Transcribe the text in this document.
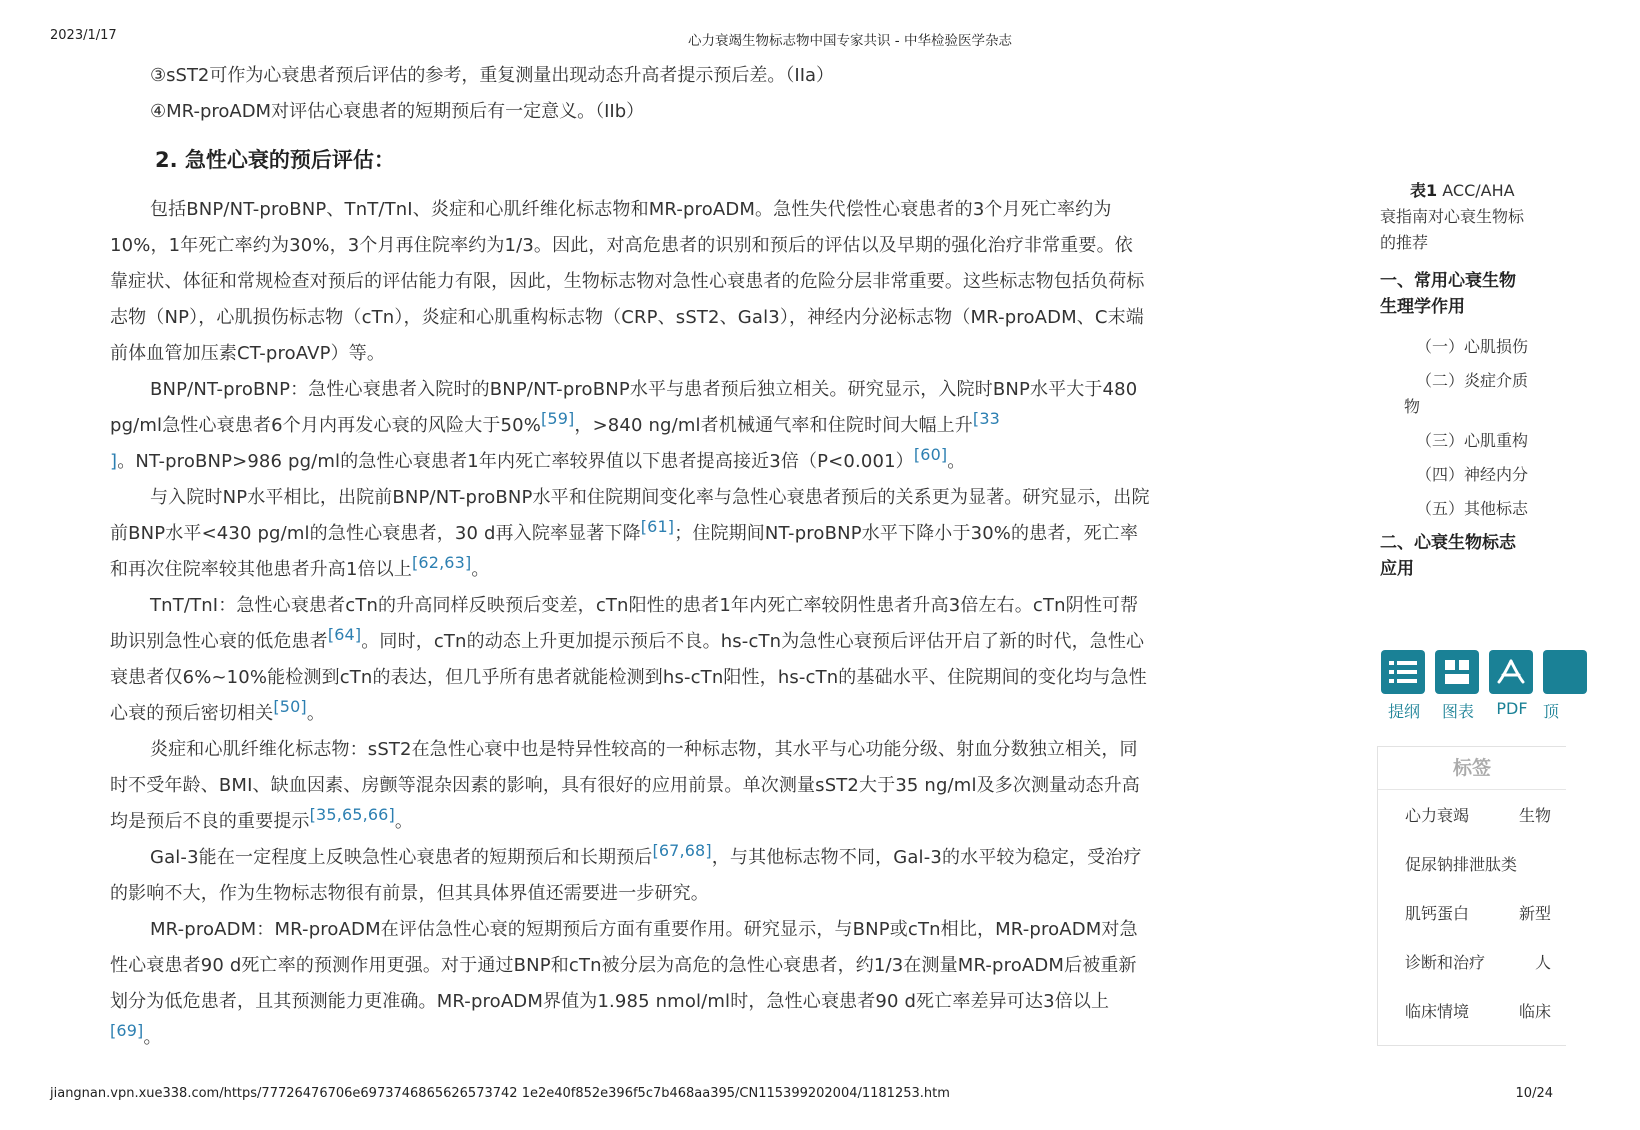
2023/1/17	心力衰竭生物标志物中国专家共识 - 中华检验医学杂志

③sST2可作为心衰患者预后评估的参考，重复测量出现动态升高者提示预后差。（IIa）

④MR-proADM对评估心衰患者的短期预后有一定意义。（IIb）

2. 急性心衰的预后评估：

包括BNP/NT-proBNP、TnT/TnI、炎症和心肌纤维化标志物和MR-proADM。急性失代偿性心衰患者的3个月死亡率约为10%，1年死亡率约为30%，3个月再住院率约为1/3。因此，对高危患者的识别和预后的评估以及早期的强化治疗非常重要。依靠症状、体征和常规检查对预后的评估能力有限，因此，生物标志物对急性心衰患者的危险分层非常重要。这些标志物包括负荷标志物（NP），心肌损伤标志物（cTn），炎症和心肌重构标志物（CRP、sST2、Gal3），神经内分泌标志物（MR-proADM、C末端前体血管加压素CT-proAVP）等。

BNP/NT-proBNP：急性心衰患者入院时的BNP/NT-proBNP水平与患者预后独立相关。研究显示，入院时BNP水平大于480 pg/ml急性心衰患者6个月内再发心衰的风险大于50%[59]，>840 ng/ml者机械通气率和住院时间大幅上升[33
]。NT-proBNP>986 pg/ml的急性心衰患者1年内死亡率较界值以下患者提高接近3倍（P<0.001）[60]。

与入院时NP水平相比，出院前BNP/NT-proBNP水平和住院期间变化率与急性心衰患者预后的关系更为显著。研究显示，出院前BNP水平<430 pg/ml的急性心衰患者，30 d再入院率显著下降[61]；住院期间NT-proBNP水平下降小于30%的患者，死亡率和再次住院率较其他患者升高1倍以上[62,63]。

TnT/TnI：急性心衰患者cTn的升高同样反映预后变差，cTn阳性的患者1年内死亡率较阴性患者升高3倍左右。cTn阴性可帮助识别急性心衰的低危患者[64]。同时，cTn的动态上升更加提示预后不良。hs-cTn为急性心衰预后评估开启了新的时代，急性心衰患者仅6%~10%能检测到cTn的表达，但几乎所有患者就能检测到hs-cTn阳性，hs-cTn的基础水平、住院期间的变化均与急性心衰的预后密切相关[50]。

炎症和心肌纤维化标志物：sST2在急性心衰中也是特异性较高的一种标志物，其水平与心功能分级、射血分数独立相关，同时不受年龄、BMI、缺血因素、房颤等混杂因素的影响，具有很好的应用前景。单次测量sST2大于35 ng/ml及多次测量动态升高均是预后不良的重要提示[35,65,66]。

Gal-3能在一定程度上反映急性心衰患者的短期预后和长期预后[67,68]，与其他标志物不同，Gal-3的水平较为稳定，受治疗的影响不大，作为生物标志物很有前景，但其具体界值还需要进一步研究。

MR-proADM：MR-proADM在评估急性心衰的短期预后方面有重要作用。研究显示，与BNP或cTn相比，MR-proADM对急性心衰患者90 d死亡率的预测作用更强。对于通过BNP和cTn被分层为高危的急性心衰患者，约1/3在测量MR-proADM后被重新划分为低危患者，且其预测能力更准确。MR-proADM界值为1.985 nmol/ml时，急性心衰患者90 d死亡率差异可达3倍以上[69]。

表1 ACC/AHA
衰指南对心衰生物标
的推荐
一、常用心衰生物
生理学作用
（一）心肌损伤
（二）炎症介质
物
（三）心肌重构
（四）神经内分
（五）其他标志
二、心衰生物标志
应用
提纲	图表	PDF 顶
标签
心力衰竭	生物
促尿钠排泄肽类
肌钙蛋白	新型
诊断和治疗	人
临床情境	临床
jiangnan.vpn.xue338.com/https/77726476706e6973746865626573742 1e2e40f852e396f5c7b468aa395/CN115399202004/1181253.htm	10/24
